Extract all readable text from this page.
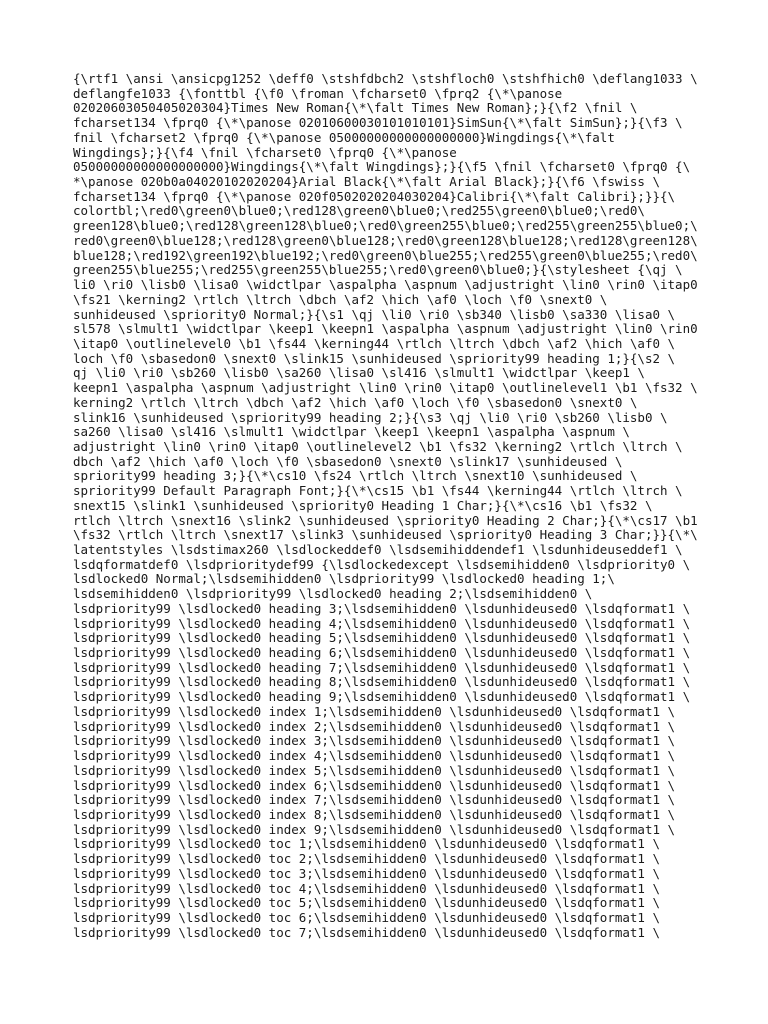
{\rtf1 \ansi \ansicpg1252 \deff0 \stshfdbch2 \stshfloch0 \stshfhich0 \deflang1033 \
deflangfe1033 {\fonttbl {\f0 \froman \fcharset0 \fprq2 {\*\panose
02020603050405020304}Times New Roman{\*\falt Times New Roman};}{\f2 \fnil \
fcharset134 \fprq0 {\*\panose 02010600030101010101}SimSun{\*\falt SimSun};}{\f3 \
fnil \fcharset2 \fprq0 {\*\panose 05000000000000000000}Wingdings{\*\falt
Wingdings};}{\f4 \fnil \fcharset0 \fprq0 {\*\panose
05000000000000000000}Wingdings{\*\falt Wingdings};}{\f5 \fnil \fcharset0 \fprq0 {\
*\panose 020b0a04020102020204}Arial Black{\*\falt Arial Black};}{\f6 \fswiss \
fcharset134 \fprq0 {\*\panose 020f0502020204030204}Calibri{\*\falt Calibri};}}{\
colortbl;\red0\green0\blue0;\red128\green0\blue0;\red255\green0\blue0;\red0\
green128\blue0;\red128\green128\blue0;\red0\green255\blue0;\red255\green255\blue0;\
red0\green0\blue128;\red128\green0\blue128;\red0\green128\blue128;\red128\green128\
blue128;\red192\green192\blue192;\red0\green0\blue255;\red255\green0\blue255;\red0\
green255\blue255;\red255\green255\blue255;\red0\green0\blue0;}{\stylesheet {\qj \
li0 \ri0 \lisb0 \lisa0 \widctlpar \aspalpha \aspnum \adjustright \lin0 \rin0 \itap0
\fs21 \kerning2 \rtlch \ltrch \dbch \af2 \hich \af0 \loch \f0 \snext0 \
sunhideused \spriority0 Normal;}{\s1 \qj \li0 \ri0 \sb340 \lisb0 \sa330 \lisa0 \
sl578 \slmult1 \widctlpar \keep1 \keepn1 \aspalpha \aspnum \adjustright \lin0 \rin0
\itap0 \outlinelevel0 \b1 \fs44 \kerning44 \rtlch \ltrch \dbch \af2 \hich \af0 \
loch \f0 \sbasedon0 \snext0 \slink15 \sunhideused \spriority99 heading 1;}{\s2 \
qj \li0 \ri0 \sb260 \lisb0 \sa260 \lisa0 \sl416 \slmult1 \widctlpar \keep1 \
keepn1 \aspalpha \aspnum \adjustright \lin0 \rin0 \itap0 \outlinelevel1 \b1 \fs32 \
kerning2 \rtlch \ltrch \dbch \af2 \hich \af0 \loch \f0 \sbasedon0 \snext0 \
slink16 \sunhideused \spriority99 heading 2;}{\s3 \qj \li0 \ri0 \sb260 \lisb0 \
sa260 \lisa0 \sl416 \slmult1 \widctlpar \keep1 \keepn1 \aspalpha \aspnum \
adjustright \lin0 \rin0 \itap0 \outlinelevel2 \b1 \fs32 \kerning2 \rtlch \ltrch \
dbch \af2 \hich \af0 \loch \f0 \sbasedon0 \snext0 \slink17 \sunhideused \
spriority99 heading 3;}{\*\cs10 \fs24 \rtlch \ltrch \snext10 \sunhideused \
spriority99 Default Paragraph Font;}{\*\cs15 \b1 \fs44 \kerning44 \rtlch \ltrch \
snext15 \slink1 \sunhideused \spriority0 Heading 1 Char;}{\*\cs16 \b1 \fs32 \
rtlch \ltrch \snext16 \slink2 \sunhideused \spriority0 Heading 2 Char;}{\*\cs17 \b1
\fs32 \rtlch \ltrch \snext17 \slink3 \sunhideused \spriority0 Heading 3 Char;}}{\*\
latentstyles \lsdstimax260 \lsdlockeddef0 \lsdsemihiddendef1 \lsdunhideuseddef1 \
lsdqformatdef0 \lsdprioritydef99 {\lsdlockedexcept \lsdsemihidden0 \lsdpriority0 \
lsdlocked0 Normal;\lsdsemihidden0 \lsdpriority99 \lsdlocked0 heading 1;\
lsdsemihidden0 \lsdpriority99 \lsdlocked0 heading 2;\lsdsemihidden0 \
lsdpriority99 \lsdlocked0 heading 3;\lsdsemihidden0 \lsdunhideused0 \lsdqformat1 \
lsdpriority99 \lsdlocked0 heading 4;\lsdsemihidden0 \lsdunhideused0 \lsdqformat1 \
lsdpriority99 \lsdlocked0 heading 5;\lsdsemihidden0 \lsdunhideused0 \lsdqformat1 \
lsdpriority99 \lsdlocked0 heading 6;\lsdsemihidden0 \lsdunhideused0 \lsdqformat1 \
lsdpriority99 \lsdlocked0 heading 7;\lsdsemihidden0 \lsdunhideused0 \lsdqformat1 \
lsdpriority99 \lsdlocked0 heading 8;\lsdsemihidden0 \lsdunhideused0 \lsdqformat1 \
lsdpriority99 \lsdlocked0 heading 9;\lsdsemihidden0 \lsdunhideused0 \lsdqformat1 \
lsdpriority99 \lsdlocked0 index 1;\lsdsemihidden0 \lsdunhideused0 \lsdqformat1 \
lsdpriority99 \lsdlocked0 index 2;\lsdsemihidden0 \lsdunhideused0 \lsdqformat1 \
lsdpriority99 \lsdlocked0 index 3;\lsdsemihidden0 \lsdunhideused0 \lsdqformat1 \
lsdpriority99 \lsdlocked0 index 4;\lsdsemihidden0 \lsdunhideused0 \lsdqformat1 \
lsdpriority99 \lsdlocked0 index 5;\lsdsemihidden0 \lsdunhideused0 \lsdqformat1 \
lsdpriority99 \lsdlocked0 index 6;\lsdsemihidden0 \lsdunhideused0 \lsdqformat1 \
lsdpriority99 \lsdlocked0 index 7;\lsdsemihidden0 \lsdunhideused0 \lsdqformat1 \
lsdpriority99 \lsdlocked0 index 8;\lsdsemihidden0 \lsdunhideused0 \lsdqformat1 \
lsdpriority99 \lsdlocked0 index 9;\lsdsemihidden0 \lsdunhideused0 \lsdqformat1 \
lsdpriority99 \lsdlocked0 toc 1;\lsdsemihidden0 \lsdunhideused0 \lsdqformat1 \
lsdpriority99 \lsdlocked0 toc 2;\lsdsemihidden0 \lsdunhideused0 \lsdqformat1 \
lsdpriority99 \lsdlocked0 toc 3;\lsdsemihidden0 \lsdunhideused0 \lsdqformat1 \
lsdpriority99 \lsdlocked0 toc 4;\lsdsemihidden0 \lsdunhideused0 \lsdqformat1 \
lsdpriority99 \lsdlocked0 toc 5;\lsdsemihidden0 \lsdunhideused0 \lsdqformat1 \
lsdpriority99 \lsdlocked0 toc 6;\lsdsemihidden0 \lsdunhideused0 \lsdqformat1 \
lsdpriority99 \lsdlocked0 toc 7;\lsdsemihidden0 \lsdunhideused0 \lsdqformat1 \
